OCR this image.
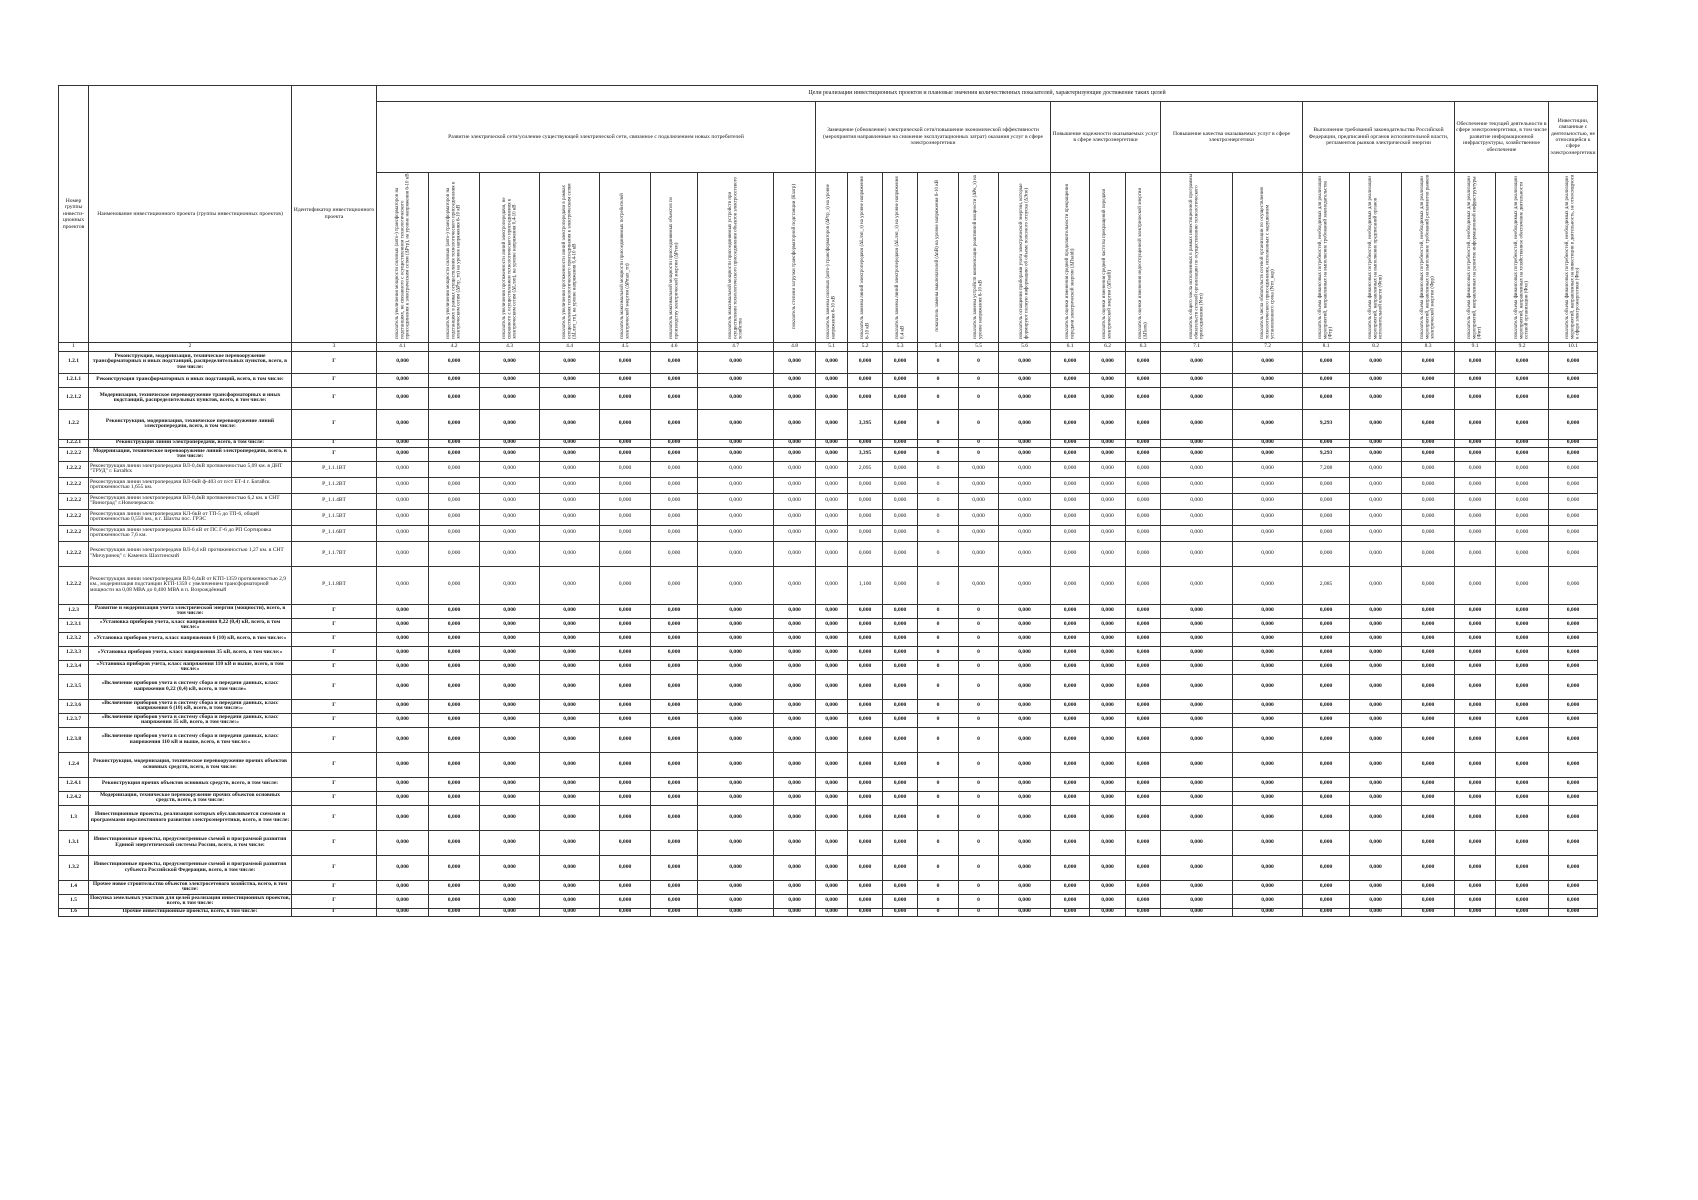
Номер группы инвести-ционных проектов	Наименование инвестиционного проекта (группы инвестиционных проектов)	Идентификатор инвестиционного проекта	Цели реализации инвестиционных проектов и плановые значения количественных показателей, характеризующие достижение таких целей																								
			Развитие электрической сети/усиление существующей электрической сети, связанное с подключением новых потребителей								Замещение (обновление) электрической сети/повышение экономической эффективности (мероприятия направленные на снижение эксплуатационных затрат) оказания услуг в сфере электроэнергетики						Повышение надежности оказываемых услуг в сфере электроэнергетики			Повышение качества оказываемых услуг в сфере электроэнергетики		Выполнение требований законодательства Российской Федерации, предписаний органов исполнительной власти, регламентов рынков электрической энергии			Обеспечение текущей деятельности в сфере электроэнергетики, в том числе развитие информационной инфраструктуры, хозяйственное обеспечение		Инвестиции, связанные с деятельностью, не относящейся к сфере электроэнергетики
			показатель увеличения мощности силовых (авто-) трансформаторов на подстанциях, не связанного с осуществлением технологического присоединения к электрическим сетям (∆Pтр), на уровне напряжения 6-10 кВ	показатель увеличения мощности силовых (авто-) трансформаторов на подстанциях в рамках осуществления технологического присоединения к электрическим сетям (∆Pтр_тп) на уровне напряжения 6-10 кВ	показатель увеличения протяженности линий электропередачи, не связанного с осуществлением технологического присоединения к электрическим сетям (∆Lлэп), на уровне напряжения 0,4-10 кВ	показатель увеличения протяженности линий электропередачи в рамках осуществления технологического присоединения к электрическим сетям (∆Lлэп_тп), на уровне напряжения 0,4-10 кВ	показатель максимальной мощности присоединяемых потребителей электрической энергии (∆Pmax_тп)	показатель максимальной мощности присоединяемых объектов по производству электрической энергии (∆Pген)	показатель максимальной мощности присоединяемых устройств при осуществлении технологического присоединения объектов электросетевого хозяйства	показатель степени загрузки трансформаторной подстанции (Кзагр)	показатель замены силовых (авто-) трансформаторов (∆Pтр_з) на уровне напряжения 6-10 кВ	показатель замены линий электропередачи (∆Lлэп_з) на уровне напряжения 6-10 кВ	показатель замены линий электропередачи (∆Lлэп_з) на уровне напряжения 0,4 кВ	показатель замены выключателей (∆nВ) на уровне напряжения 6-10 кВ	показатель замены устройств компенсации реактивной мощности (∆Pк_з) на уровне напряжения 6-10 кВ	показатель оснащения приборами учета электрической энергии, которые формируют полную информацию об объеме полезного отпуска (∆Эпо)	показатель оценки изменения средней продолжительности прекращения передачи электрической энергии (∆Пsaidi)	показатель оценки изменения средней частоты прекращений передачи электрической энергии (∆Пsaifi)	показатель оценки изменения недоотпущенной электрической энергии (∆Пens)	показатель общего числа исполненных в рамках инвестиционной программы обязательств сетевой организации по осуществлению технологического присоединения (Nтп)	показатель числа обязательств сетевой организации по осуществлению технологического присоединения, исполненных с нарушением установленного срока (Nтп_нар)	показатель объема финансовых потребностей, необходимых для реализации мероприятий, направленных на выполнение требований законодательства (Фтр)	показатель объема финансовых потребностей, необходимых для реализации мероприятий, направленных на выполнение предписаний органов исполнительной власти (Фпв)	показатель объема финансовых потребностей, необходимых для реализации мероприятий, направленных на выполнение требований регламентов рынков электрической энергии (Фрр)	показатель объема финансовых потребностей, необходимых для реализации мероприятий, направленных на развитие информационной инфраструктуры (Фит)	показатель объема финансовых потребностей, необходимых для реализации мероприятий, направленных на хозяйственное обеспечение деятельности сетевой организации (Фхо)	показатель объема финансовых потребностей, необходимых для реализации мероприятий, направленных на инвестиции в деятельность, не относящуюся к сфере электроэнергетики (Фпо)
1	2	3	4.1	4.2	4.3	4.4	4.5	4.6	4.7	4.8	5.1	5.2	5.3	5.4	5.5	5.6	6.1	6.2	6.3	7.1	7.2	8.1	8.2	8.3	9.1	9.2	10.1
1.2.1	Реконструкция, модернизация, техническое перевооружение трансформаторных и иных подстанций, распределительных пунктов, всего, в том числе:	Г	0,000	0,000	0,000	0,000	0,000	0,000	0,000	0,000	0,000	0,000	0,000	0	0	0,000	0,000	0,000	0,000	0,000	0,000	0,000	0,000	0,000	0,000	0,000	0,000
1.2.1.1	Реконструкция трансформаторных и иных подстанций, всего, в том числе:	Г	0,000	0,000	0,000	0,000	0,000	0,000	0,000	0,000	0,000	0,000	0,000	0	0	0,000	0,000	0,000	0,000	0,000	0,000	0,000	0,000	0,000	0,000	0,000	0,000
1.2.1.2	Модернизация, техническое перевооружение трансформаторных и иных подстанций, распределительных пунктов, всего, в том числе:	Г	0,000	0,000	0,000	0,000	0,000	0,000	0,000	0,000	0,000	0,000	0,000	0	0	0,000	0,000	0,000	0,000	0,000	0,000	0,000	0,000	0,000	0,000	0,000	0,000
1.2.2	Реконструкция, модернизация, техническое перевооружение линий электропередачи, всего, в том числе:	Г	0,000	0,000	0,000	0,000	0,000	0,000	0,000	0,000	0,000	3,395	0,000	0	0	0,000	0,000	0,000	0,000	0,000	0,000	9,293	0,000	0,000	0,000	0,000	0,000
1.2.2.1	Реконструкция линий электропередачи, всего, в том числе:	Г	0,000	0,000	0,000	0,000	0,000	0,000	0,000	0,000	0,000	0,000	0,000	0	0	0,000	0,000	0,000	0,000	0,000	0,000	0,000	0,000	0,000	0,000	0,000	0,000
1.2.2.2	Модернизация, техническое перевооружение линий электропередачи, всего, в том числе:	Г	0,000	0,000	0,000	0,000	0,000	0,000	0,000	0,000	0,000	3,395	0,000	0	0	0,000	0,000	0,000	0,000	0,000	0,000	9,293	0,000	0,000	0,000	0,000	0,000
1.2.2.2	Реконструкция линии электропередачи ВЛ-0,4кВ протяженностью 5,09 км. в ДНТ "ТРУД" г. Батайск	P_1.1.1ВТ	0,000	0,000	0,000	0,000	0,000	0,000	0,000	0,000	0,000	2,095	0,000	0	0,000	0,000	0,000	0,000	0,000	0,000	0,000	7,208	0,000	0,000	0,000	0,000	0,000
1.2.2.2	Реконструкция линии электропередачи ВЛ-6кВ ф-403 от п/ст БТ-4 г. Батайск протяженностью 1,655 км.	P_1.1.2ВТ	0,000	0,000	0,000	0,000	0,000	0,000	0,000	0,000	0,000	0,000	0,000	0	0,000	0,000	0,000	0,000	0,000	0,000	0,000	0,000	0,000	0,000	0,000	0,000	0,000
1.2.2.2	Реконструкция линии электропередачи ВЛ-0,4кВ протяженностью 6,2 км. в СНТ "Виноград" г.Новочеркасск	P_1.1.4ВТ	0,000	0,000	0,000	0,000	0,000	0,000	0,000	0,000	0,000	0,000	0,000	0	0,000	0,000	0,000	0,000	0,000	0,000	0,000	0,000	0,000	0,000	0,000	0,000	0,000
1.2.2.2	Реконструкция линии электропередачи КЛ-6кВ от ТП-5 до ТП-6, общей протяженностью 0,550 км., в г. Шахты пос. ГРЭС	P_1.1.5ВТ	0,000	0,000	0,000	0,000	0,000	0,000	0,000	0,000	0,000	0,000	0,000	0	0,000	0,000	0,000	0,000	0,000	0,000	0,000	0,000	0,000	0,000	0,000	0,000	0,000
1.2.2.2	Реконструкция линии электропередачи ВЛ-6 кВ от ПС Г-6 до РП Сортировка протяженностью 7,6 км.	P_1.1.6ВТ	0,000	0,000	0,000	0,000	0,000	0,000	0,000	0,000	0,000	0,000	0,000	0	0,000	0,000	0,000	0,000	0,000	0,000	0,000	0,000	0,000	0,000	0,000	0,000	0,000
1.2.2.2	Реконструкция линии электропередачи ВЛ-0,4 кВ протяженностью 1,27 км. в СНТ "Мичуринец" г. Каменск Шахтинский	P_1.1.7ВТ	0,000	0,000	0,000	0,000	0,000	0,000	0,000	0,000	0,000	0,000	0,000	0	0,000	0,000	0,000	0,000	0,000	0,000	0,000	0,000	0,000	0,000	0,000	0,000	0,000
1.2.2.2	Реконструкция линии электропередачи ВЛ-0,4кВ от КТП-1359 протяженностью 2,9 км., модернизация подстанции КТП-1359 с увеличением трансформаторной мощности на 0,08 МВА до 0,400 МВА в п. Возрождённый	P_1.1.8ВТ	0,000	0,000	0,000	0,000	0,000	0,000	0,000	0,000	0,000	1,100	0,000	0	0,000	0,000	0,000	0,000	0,000	0,000	0,000	2,085	0,000	0,000	0,000	0,000	0,000
1.2.3	Развитие и модернизация учета электрической энергии (мощности), всего, в том числе:	Г	0,000	0,000	0,000	0,000	0,000	0,000	0,000	0,000	0,000	0,000	0,000	0	0	0,000	0,000	0,000	0,000	0,000	0,000	0,000	0,000	0,000	0,000	0,000	0,000
1.2.3.1	«Установка приборов учета, класс напряжения 0,22 (0,4) кВ, всего, в том числе:»	Г	0,000	0,000	0,000	0,000	0,000	0,000	0,000	0,000	0,000	0,000	0,000	0	0	0,000	0,000	0,000	0,000	0,000	0,000	0,000	0,000	0,000	0,000	0,000	0,000
1.2.3.2	«Установка приборов учета, класс напряжения 6 (10) кВ, всего, в том числе:»	Г	0,000	0,000	0,000	0,000	0,000	0,000	0,000	0,000	0,000	0,000	0,000	0	0	0,000	0,000	0,000	0,000	0,000	0,000	0,000	0,000	0,000	0,000	0,000	0,000
1.2.3.3	«Установка приборов учета, класс напряжения 35 кВ, всего, в том числе:»	Г	0,000	0,000	0,000	0,000	0,000	0,000	0,000	0,000	0,000	0,000	0,000	0	0	0,000	0,000	0,000	0,000	0,000	0,000	0,000	0,000	0,000	0,000	0,000	0,000
1.2.3.4	«Установка приборов учета, класс напряжения 110 кВ и выше, всего, в том числе:»	Г	0,000	0,000	0,000	0,000	0,000	0,000	0,000	0,000	0,000	0,000	0,000	0	0	0,000	0,000	0,000	0,000	0,000	0,000	0,000	0,000	0,000	0,000	0,000	0,000
1.2.3.5	«Включение приборов учета в систему сбора и передачи данных, класс напряжения 0,22 (0,4) кВ, всего, в том числе»	Г	0,000	0,000	0,000	0,000	0,000	0,000	0,000	0,000	0,000	0,000	0,000	0	0	0,000	0,000	0,000	0,000	0,000	0,000	0,000	0,000	0,000	0,000	0,000	0,000
1.2.3.6	«Включение приборов учета в систему сбора и передачи данных, класс напряжения 6 (10) кВ, всего, в том числе:»	Г	0,000	0,000	0,000	0,000	0,000	0,000	0,000	0,000	0,000	0,000	0,000	0	0	0,000	0,000	0,000	0,000	0,000	0,000	0,000	0,000	0,000	0,000	0,000	0,000
1.2.3.7	«Включение приборов учета в систему сбора и передачи данных, класс напряжения 35 кВ, всего, в том числе:»	Г	0,000	0,000	0,000	0,000	0,000	0,000	0,000	0,000	0,000	0,000	0,000	0	0	0,000	0,000	0,000	0,000	0,000	0,000	0,000	0,000	0,000	0,000	0,000	0,000
1.2.3.8	«Включение приборов учета в систему сбора и передачи данных, класс напряжения 110 кВ и выше, всего, в том числе:»	Г	0,000	0,000	0,000	0,000	0,000	0,000	0,000	0,000	0,000	0,000	0,000	0	0	0,000	0,000	0,000	0,000	0,000	0,000	0,000	0,000	0,000	0,000	0,000	0,000
1.2.4	Реконструкция, модернизация, техническое перевооружение прочих объектов основных средств, всего, в том числе:	Г	0,000	0,000	0,000	0,000	0,000	0,000	0,000	0,000	0,000	0,000	0,000	0	0	0,000	0,000	0,000	0,000	0,000	0,000	0,000	0,000	0,000	0,000	0,000	0,000
1.2.4.1	Реконструкция прочих объектов основных средств, всего, в том числе:	Г	0,000	0,000	0,000	0,000	0,000	0,000	0,000	0,000	0,000	0,000	0,000	0	0	0,000	0,000	0,000	0,000	0,000	0,000	0,000	0,000	0,000	0,000	0,000	0,000
1.2.4.2	Модернизация, техническое перевооружение прочих объектов основных средств, всего, в том числе:	Г	0,000	0,000	0,000	0,000	0,000	0,000	0,000	0,000	0,000	0,000	0,000	0	0	0,000	0,000	0,000	0,000	0,000	0,000	0,000	0,000	0,000	0,000	0,000	0,000
1.3	Инвестиционные проекты, реализация которых обуславливается схемами и программами перспективного развития электроэнергетики, всего, в том числе:	Г	0,000	0,000	0,000	0,000	0,000	0,000	0,000	0,000	0,000	0,000	0,000	0	0	0,000	0,000	0,000	0,000	0,000	0,000	0,000	0,000	0,000	0,000	0,000	0,000
1.3.1	Инвестиционные проекты, предусмотренные схемой и программой развития Единой энергетической системы России, всего, в том числе:	Г	0,000	0,000	0,000	0,000	0,000	0,000	0,000	0,000	0,000	0,000	0,000	0	0	0,000	0,000	0,000	0,000	0,000	0,000	0,000	0,000	0,000	0,000	0,000	0,000
1.3.2	Инвестиционные проекты, предусмотренные схемой и программой развития субъекта Российской Федерации, всего, в том числе:	Г	0,000	0,000	0,000	0,000	0,000	0,000	0,000	0,000	0,000	0,000	0,000	0	0	0,000	0,000	0,000	0,000	0,000	0,000	0,000	0,000	0,000	0,000	0,000	0,000
1.4	Прочее новое строительство объектов электросетевого хозяйства, всего, в том числе:	Г	0,000	0,000	0,000	0,000	0,000	0,000	0,000	0,000	0,000	0,000	0,000	0	0	0,000	0,000	0,000	0,000	0,000	0,000	0,000	0,000	0,000	0,000	0,000	0,000
1.5	Покупка земельных участков для целей реализации инвестиционных проектов, всего, в том числе:	Г	0,000	0,000	0,000	0,000	0,000	0,000	0,000	0,000	0,000	0,000	0,000	0	0	0,000	0,000	0,000	0,000	0,000	0,000	0,000	0,000	0,000	0,000	0,000	0,000
1.6	Прочие инвестиционные проекты, всего, в том числе:	Г	0,000	0,000	0,000	0,000	0,000	0,000	0,000	0,000	0,000	0,000	0,000	0	0	0,000	0,000	0,000	0,000	0,000	0,000	0,000	0,000	0,000	0,000	0,000	0,000
